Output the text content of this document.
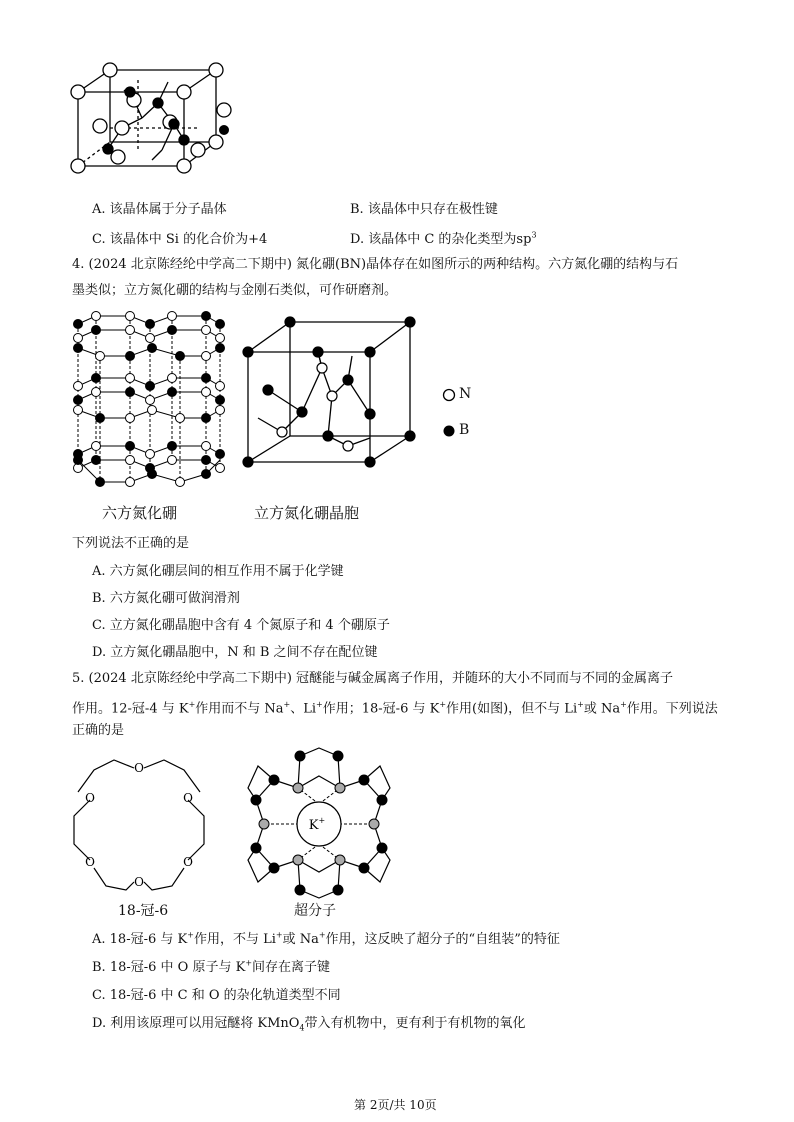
A. 该晶体属于分子晶体	B. 该晶体中只存在极性键
C. 该晶体中 Si 的化合价为+4	D. 该晶体中 C 的杂化类型为$sp^3$
4. (2024 北京陈经纶中学高二下期中) 氮化硼(BN)晶体存在如图所示的两种结构。六方氮化硼的结构与石
墨类似；立方氮化硼的结构与金刚石类似，可作研磨剂。
N
B
六方氮化硼	立方氮化硼晶胞
下列说法不正确的是
A. 六方氮化硼层间的相互作用不属于化学键
B. 六方氮化硼可做润滑剂
C. 立方氮化硼晶胞中含有 4 个氮原子和 4 个硼原子
D. 立方氮化硼晶胞中，N 和 B 之间不存在配位键
5. (2024 北京陈经纶中学高二下期中) 冠醚能与碱金属离子作用，并随环的大小不同而与不同的金属离子
作用。12-冠-4 与 K+作用而不与 Na+、Li+作用；18-冠-6 与 K+作用(如图)，但不与 Li+或 Na+作用。下列说法
正确的是
O
O	O
O	O
O
K+
18-冠-6	超分子
A. 18-冠-6 与 K+作用，不与 Li+或 Na+作用，这反映了超分子的“自组装”的特征
B. 18-冠-6 中 O 原子与 K+间存在离子键
C. 18-冠-6 中 C 和 O 的杂化轨道类型不同
D. 利用该原理可以用冠醚将 KMnO$_4$带入有机物中，更有利于有机物的氧化
第 2页/共 10页
